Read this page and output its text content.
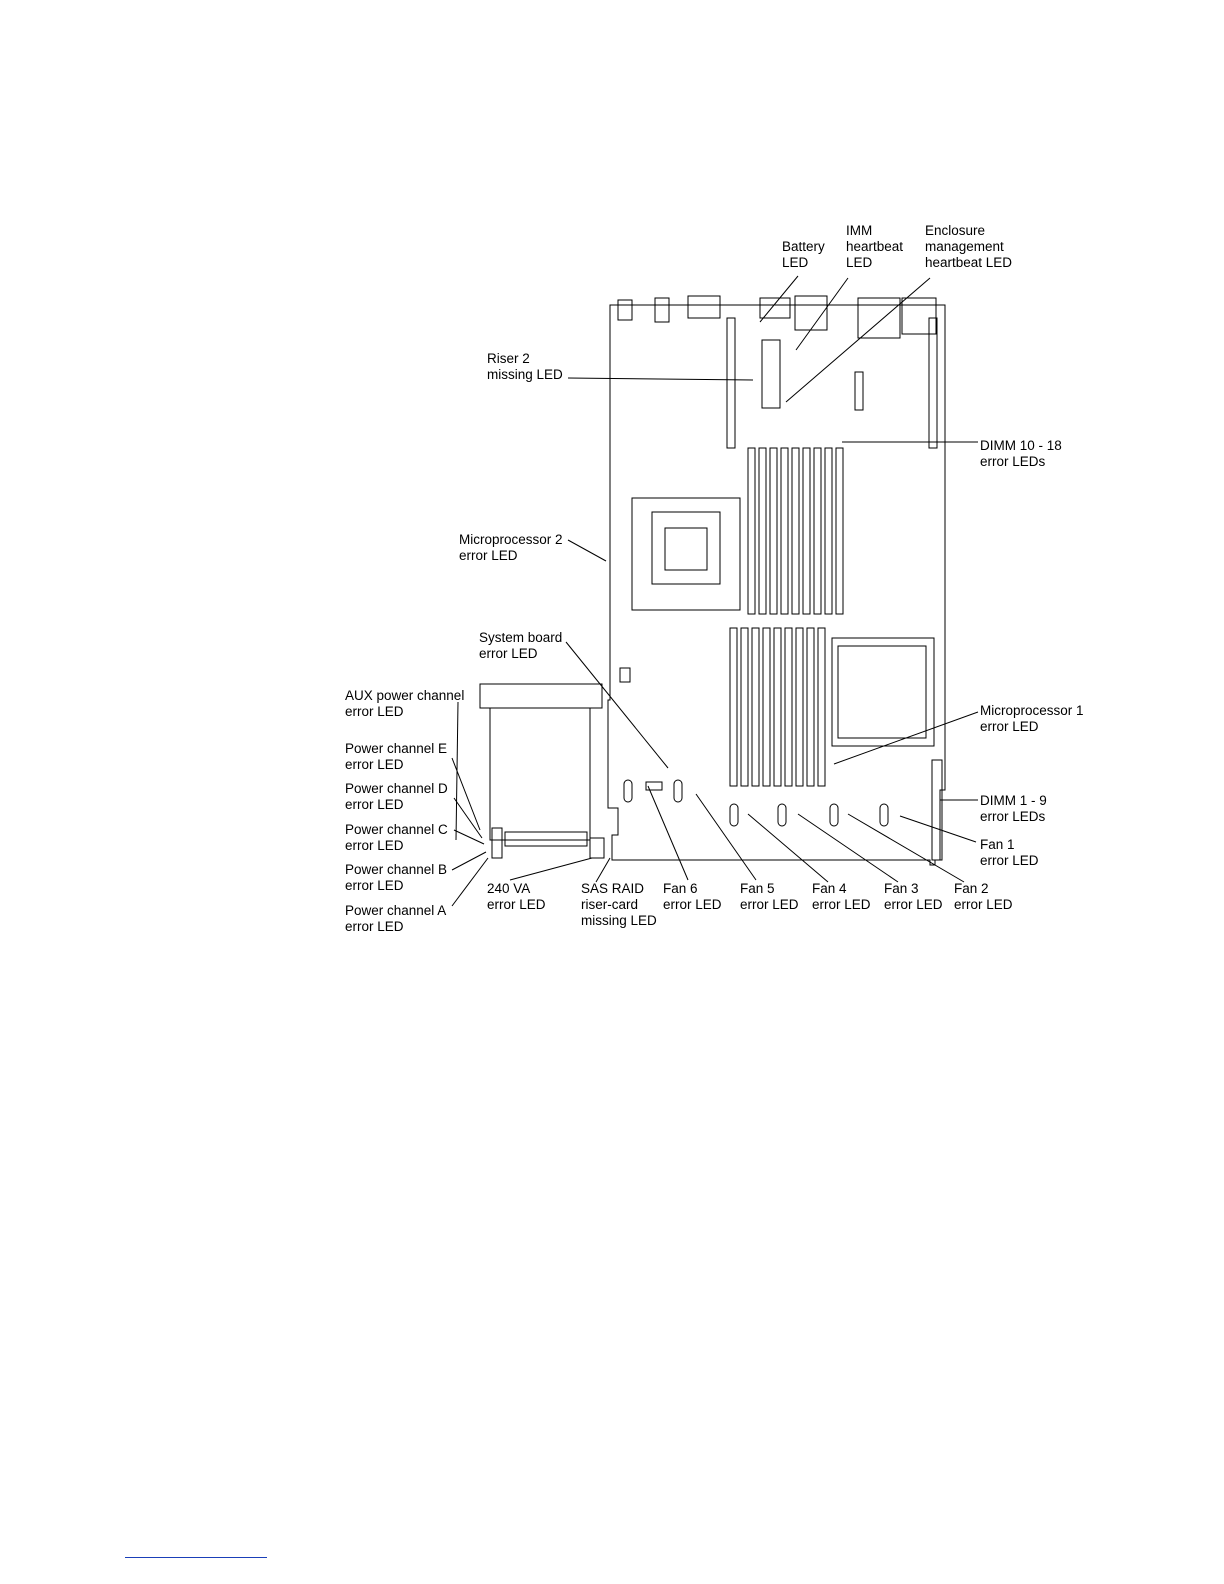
Battery
LED
IMM
heartbeat
LED
Enclosure
management
heartbeat LED
Riser 2
missing LED
DIMM 10 - 18
error LEDs
Microprocessor 2
error LED
System board
error LED
AUX power channel
error LED	Microprocessor 1
error LED
Power channel E
error LED
Power channel D
error LED	DIMM 1 - 9
error LEDs
Power channel C
error LED	Fan 1
error LED
Power channel B
error LED	240 VA
error LED
SAS RAID
riser-card
missing LED
Fan 6
error LED
Fan 5
error LED
Fan 4
error LED
Fan 3
error LED
Fan 2
error LED
Power channel A
error LED
